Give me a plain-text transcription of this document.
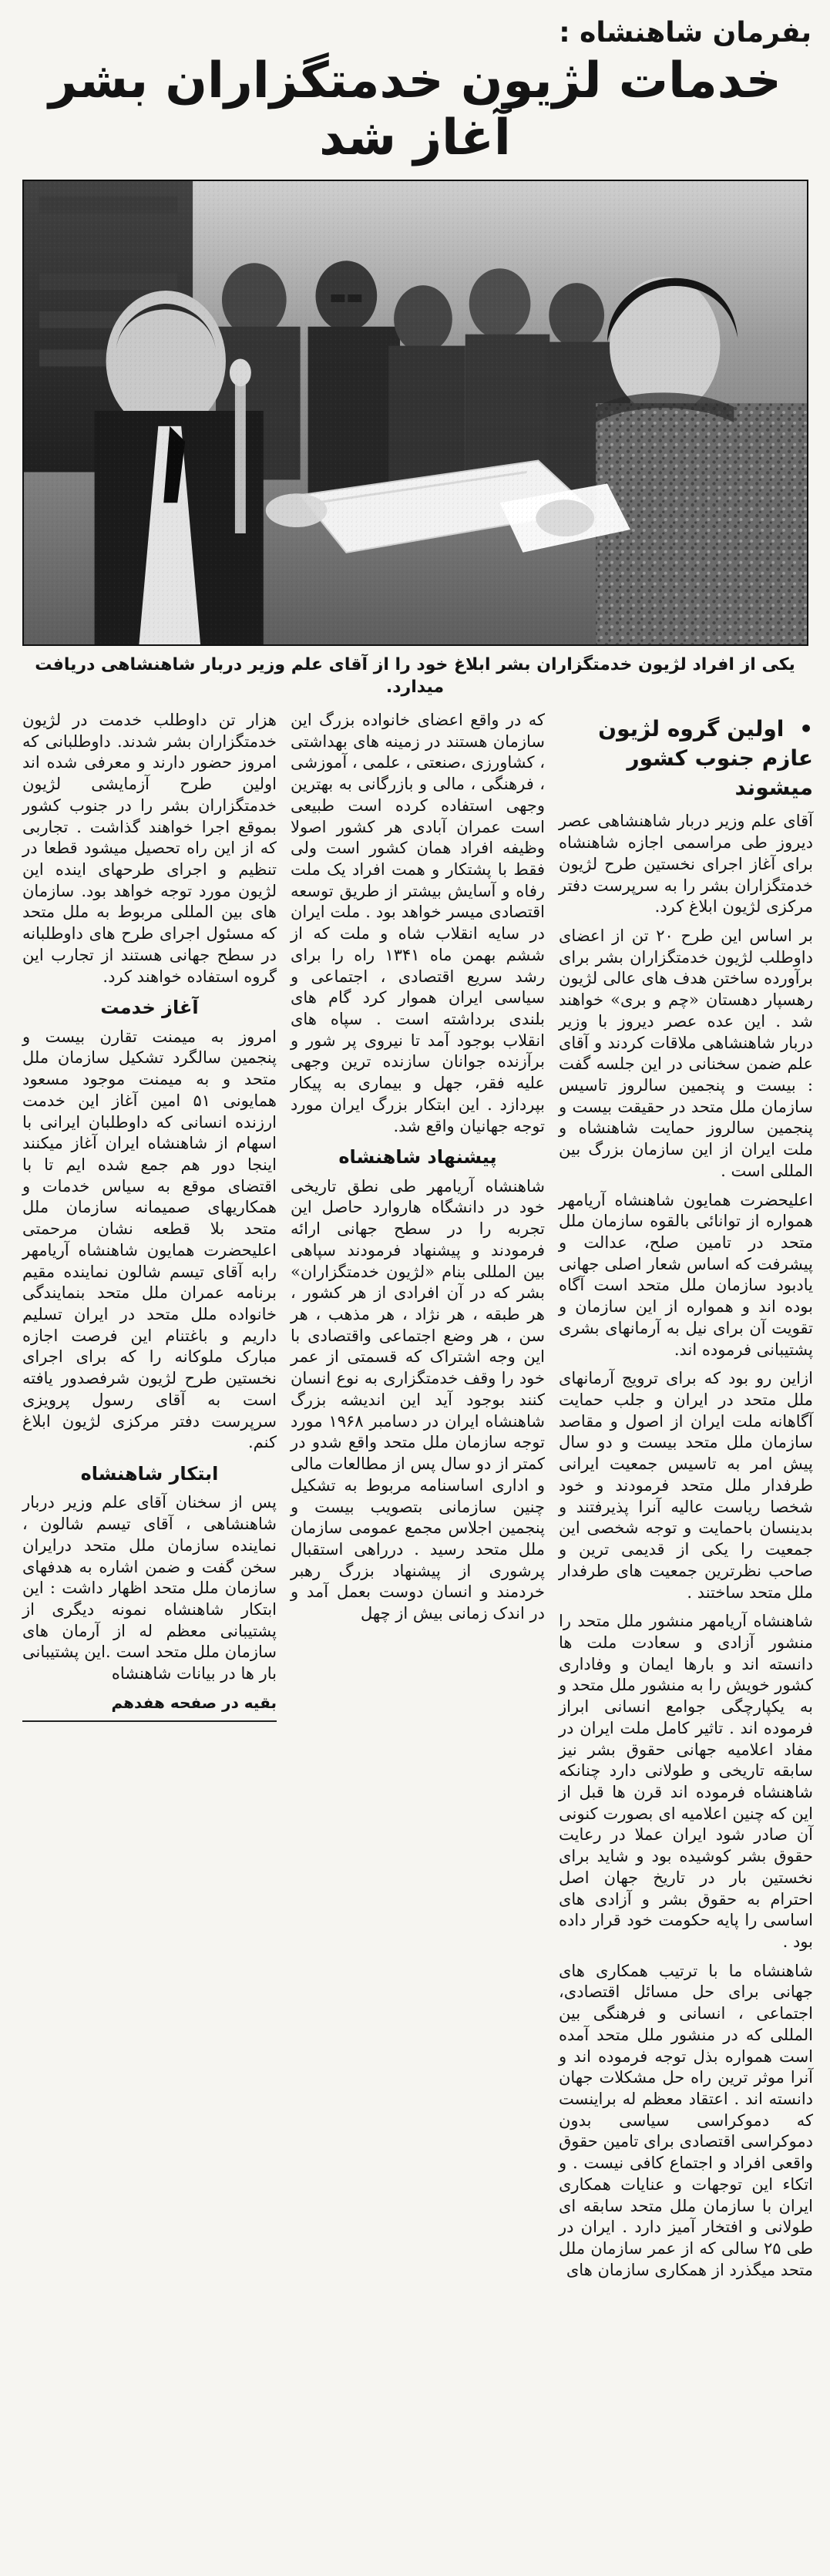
بفرمان شاهنشاه :
خدمات لژیون خدمتگزاران بشر آغاز شد
یکی از افراد لژیون خدمتگزاران بشر ابلاغ خود را از آقای علم وزیر دربار شاهنشاهی دریافت میدارد.
• اولین گروه لژیون عازم جنوب کشور میشوند

آقای علم وزیر دربار شاهنشاهی عصر دیروز طی مراسمی اجازه شاهنشاه برای آغاز اجرای نخستین طرح لژیون خدمتگزاران بشر را به سرپرست دفتر مرکزی لژیون ابلاغ کرد.

بر اساس این طرح ۲۰ تن از اعضای داوطلب لژیون خدمتگزاران بشر برای برآورده ساختن هدف های عالی لژیون رهسپار دهستان «چم و بری» خواهند شد . این عده عصر دیروز با وزیر دربار شاهنشاهی ملاقات کردند و آقای علم ضمن سخنانی در این جلسه گفت : بیست و پنجمین سالروز تاسیس سازمان ملل متحد در حقیقت بیست و پنجمین سالروز حمایت شاهنشاه و ملت ایران از این سازمان بزرگ بین المللی است .

اعلیحضرت همایون شاهنشاه آریامهر همواره از توانائی بالقوه سازمان ملل متحد در تامین صلح، عدالت و پیشرفت که اساس شعار اصلی جهانی یادبود سازمان ملل متحد است آگاه بوده اند و همواره از این سازمان و تقویت آن برای نیل به آرمانهای بشری پشتیبانی فرموده اند.

ازاین رو بود که برای ترویج آرمانهای ملل متحد در ایران و جلب حمایت آگاهانه ملت ایران از اصول و مقاصد سازمان ملل متحد بیست و دو سال پیش امر به تاسیس جمعیت ایرانی طرفدار ملل متحد فرمودند و خود شخصا ریاست عالیه آنرا پذیرفتند و بدینسان باحمایت و توجه شخصی این جمعیت را یکی از قدیمی ترین و صاحب نظرترین جمعیت های طرفدار ملل متحد ساختند .

شاهنشاه آریامهر منشور ملل متحد را منشور آزادی و سعادت ملت ها دانسته اند و بارها ایمان و وفاداری کشور خویش را به منشور ملل متحد و به یکپارچگی جوامع انسانی ابراز فرموده اند . تاثیر کامل ملت ایران در مفاد اعلامیه جهانی حقوق بشر نیز سابقه تاریخی و طولانی دارد چنانکه شاهنشاه فرموده اند قرن ها قبل از این که چنین اعلامیه ای بصورت کنونی آن صادر شود ایران عملا در رعایت حقوق بشر کوشیده بود و شاید برای نخستین بار در تاریخ جهان اصل احترام به حقوق بشر و آزادی های اساسی را پایه حکومت خود قرار داده بود .

شاهنشاه ما با ترتیب همکاری های جهانی برای حل مسائل اقتصادی، اجتماعی ، انسانی و فرهنگی بین المللی که در منشور ملل متحد آمده است همواره بذل توجه فرموده اند و آنرا موثر ترین راه حل مشکلات جهان دانسته اند . اعتقاد معظم له براینست که دموکراسی سیاسی بدون دموکراسی اقتصادی برای تامین حقوق واقعی افراد و اجتماع کافی نیست . و اتکاء این توجهات و عنایات همکاری ایران با سازمان ملل متحد سابقه ای طولانی و افتخار آمیز دارد . ایران در طی ۲۵ سالی که از عمر سازمان ملل متحد میگذرد از همکاری سازمان های

که در واقع اعضای خانواده بزرگ این سازمان هستند در زمینه های بهداشتی ، کشاورزی ،صنعتی ، علمی ، آموزشی ، فرهنگی ، مالی و بازرگانی به بهترین وجهی استفاده کرده است طبیعی است عمران آبادی هر کشور اصولا وظیفه افراد همان کشور است ولی فقط با پشتکار و همت افراد یک ملت رفاه و آسایش بیشتر از طریق توسعه اقتصادی میسر خواهد بود . ملت ایران در سایه انقلاب شاه و ملت که از ششم بهمن ماه ۱۳۴۱ راه را برای رشد سریع اقتصادی ، اجتماعی و سیاسی ایران هموار کرد گام های بلندی برداشته است . سپاه های انقلاب بوجود آمد تا نیروی پر شور و برآزنده جوانان سازنده ترین وجهی علیه فقر، جهل و بیماری به پیکار بپردازد . این ابتکار بزرگ ایران مورد توجه جهانیان واقع شد.

پیشنهاد شاهنشاه

شاهنشاه آریامهر طی نطق تاریخی خود در دانشگاه هاروارد حاصل این تجربه را در سطح جهانی ارائه فرمودند و پیشنهاد فرمودند سپاهی بین المللی بنام «لژیون خدمتگزاران» بشر که در آن افرادی از هر کشور ، هر طبقه ، هر نژاد ، هر مذهب ، هر سن ، هر وضع اجتماعی واقتصادی با این وجه اشتراک که قسمتی از عمر خود را وقف خدمتگزاری به نوع انسان کنند بوجود آید این اندیشه بزرگ شاهنشاه ایران در دسامبر ۱۹۶۸ مورد توجه سازمان ملل متحد واقع شدو در کمتر از دو سال پس از مطالعات مالی و اداری اساسنامه مربوط به تشکیل چنین سازمانی بتصویب بیست و پنجمین اجلاس مجمع عمومی سازمان ملل متحد رسید . درراهی استقبال پرشوری از پیشنهاد بزرگ رهبر خردمند و انسان دوست بعمل آمد و در اندک زمانی بیش از چهل

هزار تن داوطلب خدمت در لژیون خدمتگزاران بشر شدند. داوطلبانی که امروز حضور دارند و معرفی شده اند اولین طرح آزمایشی لژیون خدمتگزاران بشر را در جنوب کشور بموقع اجرا خواهند گذاشت . تجاربی که از این راه تحصیل میشود قطعا در تنظیم و اجرای طرحهای اینده این لژیون مورد توجه خواهد بود. سازمان های بین المللی مربوط به ملل متحد که مسئول اجرای طرح های داوطلبانه در سطح جهانی هستند از تجارب این گروه استفاده خواهند کرد.

آغاز خدمت

امروز به میمنت تقارن بیست و پنجمین سالگرد تشکیل سازمان ملل متحد و به میمنت موجود مسعود همایونی ۵۱ امین آغاز این خدمت ارزنده انسانی که داوطلبان ایرانی با اسهام از شاهنشاه ایران آغاز میکنند اینجا دور هم جمع شده ایم تا با اقتضای موقع به سیاس خدمات و همکاریهای صمیمانه سازمان ملل متحد بلا قطعه نشان مرحمتی اعلیحضرت همایون شاهنشاه آریامهر رابه آقای تیسم شالون نماینده مقیم برنامه عمران ملل متحد بنمایندگی خانواده ملل متحد در ایران تسلیم داریم و باغتنام این فرصت اجازه مبارک ملوکانه را که برای اجرای نخستین طرح لژیون شرفصدور یافته است به آقای رسول پرویزی سرپرست دفتر مرکزی لژیون ابلاغ کنم.

ابتکار شاهنشاه

پس از سخنان آقای علم وزیر دربار شاهنشاهی ، آقای تیسم شالون ، نماینده سازمان ملل متحد درایران سخن گفت و ضمن اشاره به هدفهای سازمان ملل متحد اظهار داشت : این ابتکار شاهنشاه نمونه دیگری از پشتیبانی معظم له از آرمان های سازمان ملل متحد است .این پشتیبانی بار ها در بیانات شاهنشاه

بقیه در صفحه هفدهم
